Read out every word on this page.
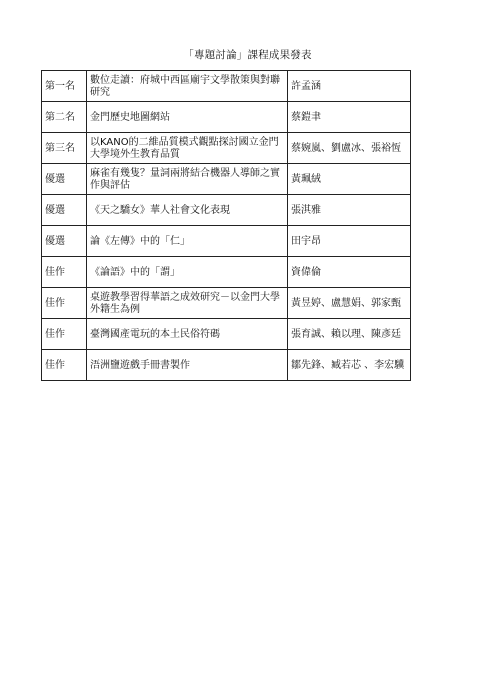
「專題討論」課程成果發表
第一名	數位走讀：府城中西區廟宇文學散策與對聯研究	許孟涵
第二名	金門歷史地圖網站	蔡鎧聿
第三名	以KANO的二維品質模式觀點探討國立金門大學境外生教育品質	蔡婉嵐、劉盧冰、張裕恆
優選	麻雀有幾隻？量詞兩將結合機器人導師之實作與評估	黃珮絨
優選	《天之驕女》華人社會文化表現	張淇雅
優選	論《左傳》中的「仁」	田宇昂
佳作	《論語》中的「謂」	資偉倫
佳作	桌遊教學習得華語之成效研究－以金門大學外籍生為例	黃昱婷、盧慧娟、郭家甄
佳作	臺灣國產電玩的本土民俗符碼	張育誠、賴以理、陳彥廷
佳作	浯洲鹽遊戲手冊書製作	鄒先鋒、臧若芯 、李宏驥
